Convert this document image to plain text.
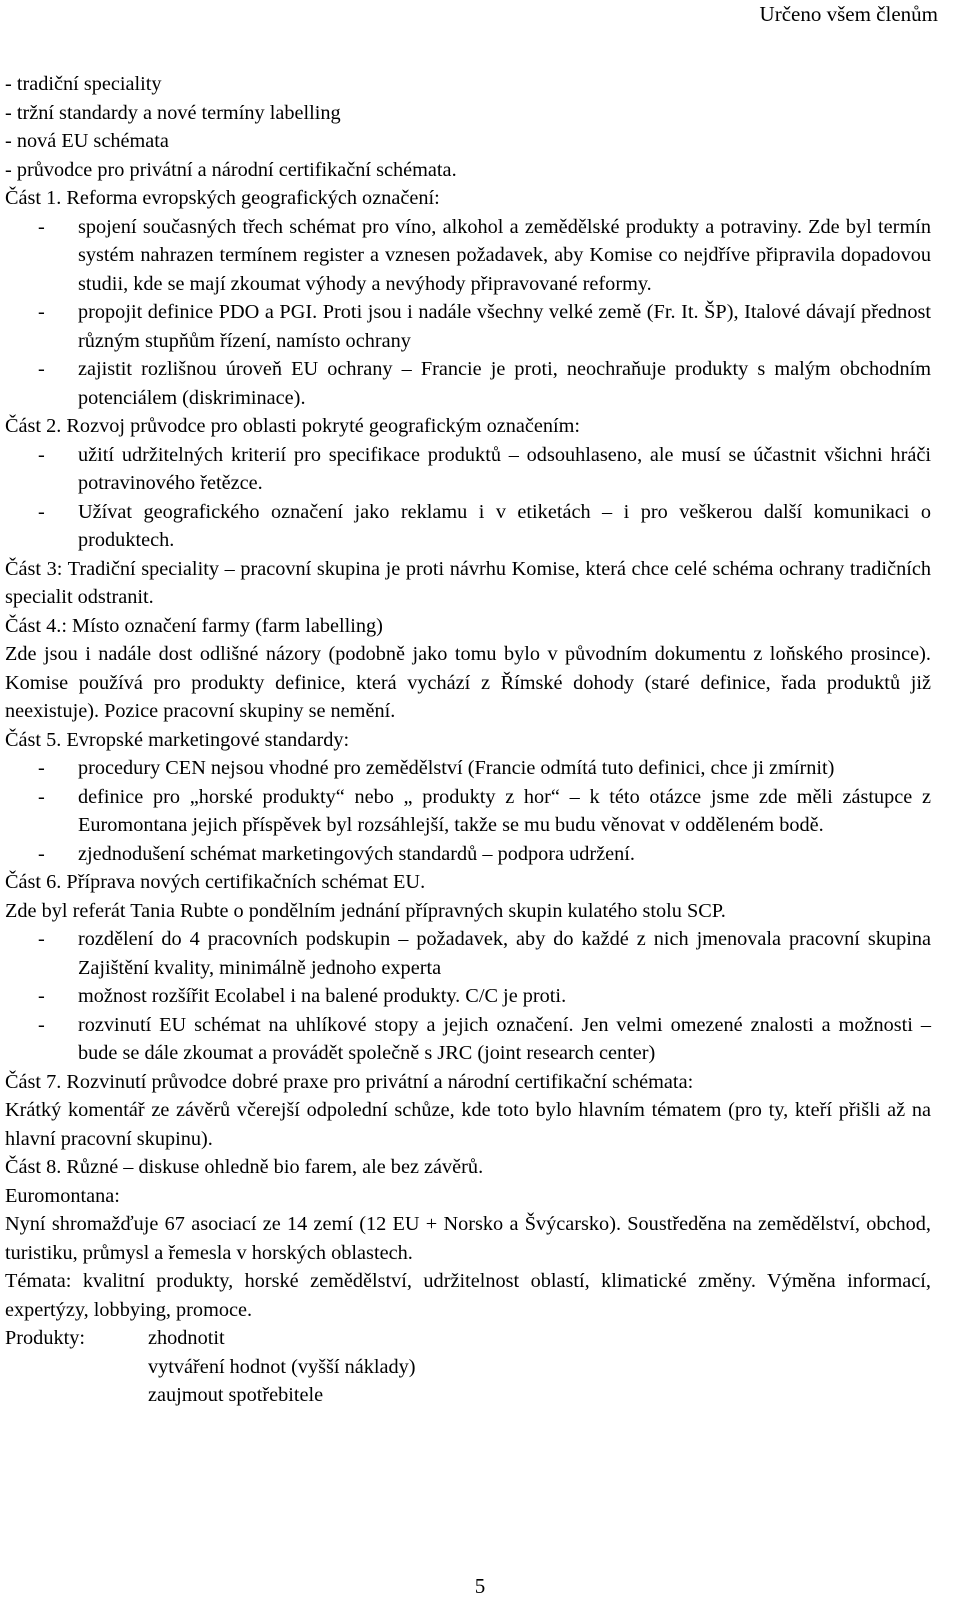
Určeno všem členům

- tradiční speciality

- tržní standardy a nové termíny labelling

- nová EU schémata

- průvodce pro privátní a národní certifikační schémata.

Část 1. Reforma evropských geografických označení:

- spojení současných třech schémat pro víno, alkohol a zemědělské produkty a potraviny. Zde byl termín systém nahrazen termínem register a vznesen požadavek, aby Komise co nejdříve připravila dopadovou studii, kde se mají zkoumat výhody a nevýhody připravované reformy.
- propojit definice PDO a PGI. Proti jsou i nadále všechny velké země (Fr. It. ŠP), Italové dávají přednost různým stupňům řízení, namísto ochrany
- zajistit rozlišnou úroveň EU ochrany – Francie je proti, neochraňuje produkty s malým obchodním potenciálem (diskriminace).

Část 2. Rozvoj průvodce pro oblasti pokryté geografickým označením:

- užití udržitelných kriterií pro specifikace produktů – odsouhlaseno, ale musí se účastnit všichni hráči potravinového řetězce.
- Užívat geografického označení jako reklamu i v etiketách – i pro veškerou další komunikaci o produktech.

Část 3: Tradiční speciality – pracovní skupina je proti návrhu Komise, která chce celé schéma ochrany tradičních specialit odstranit.

Část 4.: Místo označení farmy (farm labelling)

Zde jsou i nadále dost odlišné názory (podobně jako tomu bylo v původním dokumentu z loňského prosince). Komise používá pro produkty definice, která vychází z Římské dohody (staré definice, řada produktů již neexistuje). Pozice pracovní skupiny se nemění.

Část 5. Evropské marketingové standardy:

- procedury CEN nejsou vhodné pro zemědělství (Francie odmítá tuto definici, chce ji zmírnit)
- definice pro „horské produkty“ nebo „ produkty z hor“ – k této otázce jsme zde měli zástupce z Euromontana jejich příspěvek byl rozsáhlejší, takže se mu budu věnovat v odděleném bodě.
- zjednodušení schémat marketingových standardů – podpora udržení.

Část 6. Příprava nových certifikačních schémat EU.

Zde byl referát Tania Rubte o pondělním jednání přípravných skupin kulatého stolu SCP.

- rozdělení do 4 pracovních podskupin – požadavek, aby do každé z nich jmenovala pracovní skupina Zajištění kvality, minimálně jednoho experta
- možnost rozšířit Ecolabel i na balené produkty. C/C je proti.
- rozvinutí EU schémat na uhlíkové stopy a jejich označení. Jen velmi omezené znalosti a možnosti – bude se dále zkoumat a provádět společně s JRC (joint research center)

Část 7. Rozvinutí průvodce dobré praxe pro privátní a národní certifikační schémata:

Krátký komentář ze závěrů včerejší odpolední schůze, kde toto bylo hlavním tématem (pro ty, kteří přišli až na hlavní pracovní skupinu).

Část 8. Různé – diskuse ohledně bio farem, ale bez závěrů.

Euromontana:

Nyní shromažďuje 67 asociací ze 14 zemí (12 EU + Norsko a Švýcarsko). Soustředěna na zemědělství, obchod, turistiku, průmysl a řemesla v horských oblastech.

Témata: kvalitní produkty, horské zemědělství, udržitelnost oblastí, klimatické změny. Výměna informací, expertýzy, lobbying, promoce.

Produkty:	zhodnotit

vytváření hodnot (vyšší náklady)

zaujmout spotřebitele

5
